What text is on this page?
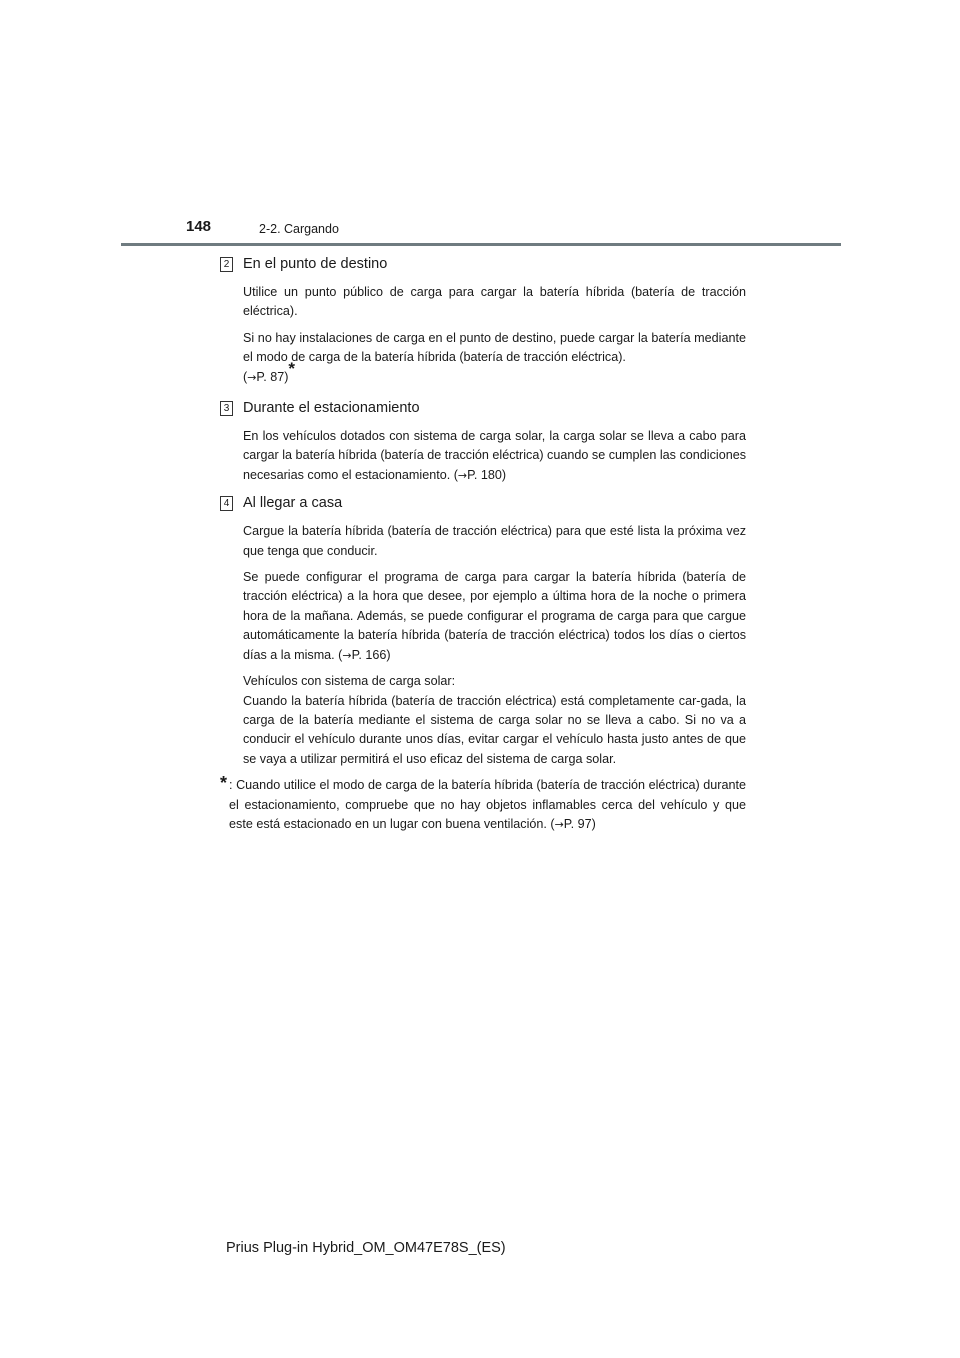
148	2-2. Cargando
2 En el punto de destino

Utilice un punto público de carga para cargar la batería híbrida (batería de tracción eléctrica).

Si no hay instalaciones de carga en el punto de destino, puede cargar la batería mediante el modo de carga de la batería híbrida (batería de tracción eléctrica).
(→P. 87)*

3 Durante el estacionamiento

En los vehículos dotados con sistema de carga solar, la carga solar se lleva a cabo para cargar la batería híbrida (batería de tracción eléctrica) cuando se cumplen las condiciones necesarias como el estacionamiento. (→P. 180)

4 Al llegar a casa

Cargue la batería híbrida (batería de tracción eléctrica) para que esté lista la próxima vez que tenga que conducir.

Se puede configurar el programa de carga para cargar la batería híbrida (batería de tracción eléctrica) a la hora que desee, por ejemplo a última hora de la noche o primera hora de la mañana. Además, se puede configurar el programa de carga para que cargue automáticamente la batería híbrida (batería de tracción eléctrica) todos los días o ciertos días a la misma. (→P. 166)

Vehículos con sistema de carga solar:

Cuando la batería híbrida (batería de tracción eléctrica) está completamente car-gada, la carga de la batería mediante el sistema de carga solar no se lleva a cabo. Si no va a conducir el vehículo durante unos días, evitar cargar el vehículo hasta justo antes de que se vaya a utilizar permitirá el uso eficaz del sistema de carga solar.

* : Cuando utilice el modo de carga de la batería híbrida (batería de tracción eléctrica) durante el estacionamiento, compruebe que no hay objetos inflamables cerca del vehículo y que este está estacionado en un lugar con buena ventilación. (→P. 97)
Prius Plug-in Hybrid_OM_OM47E78S_(ES)
